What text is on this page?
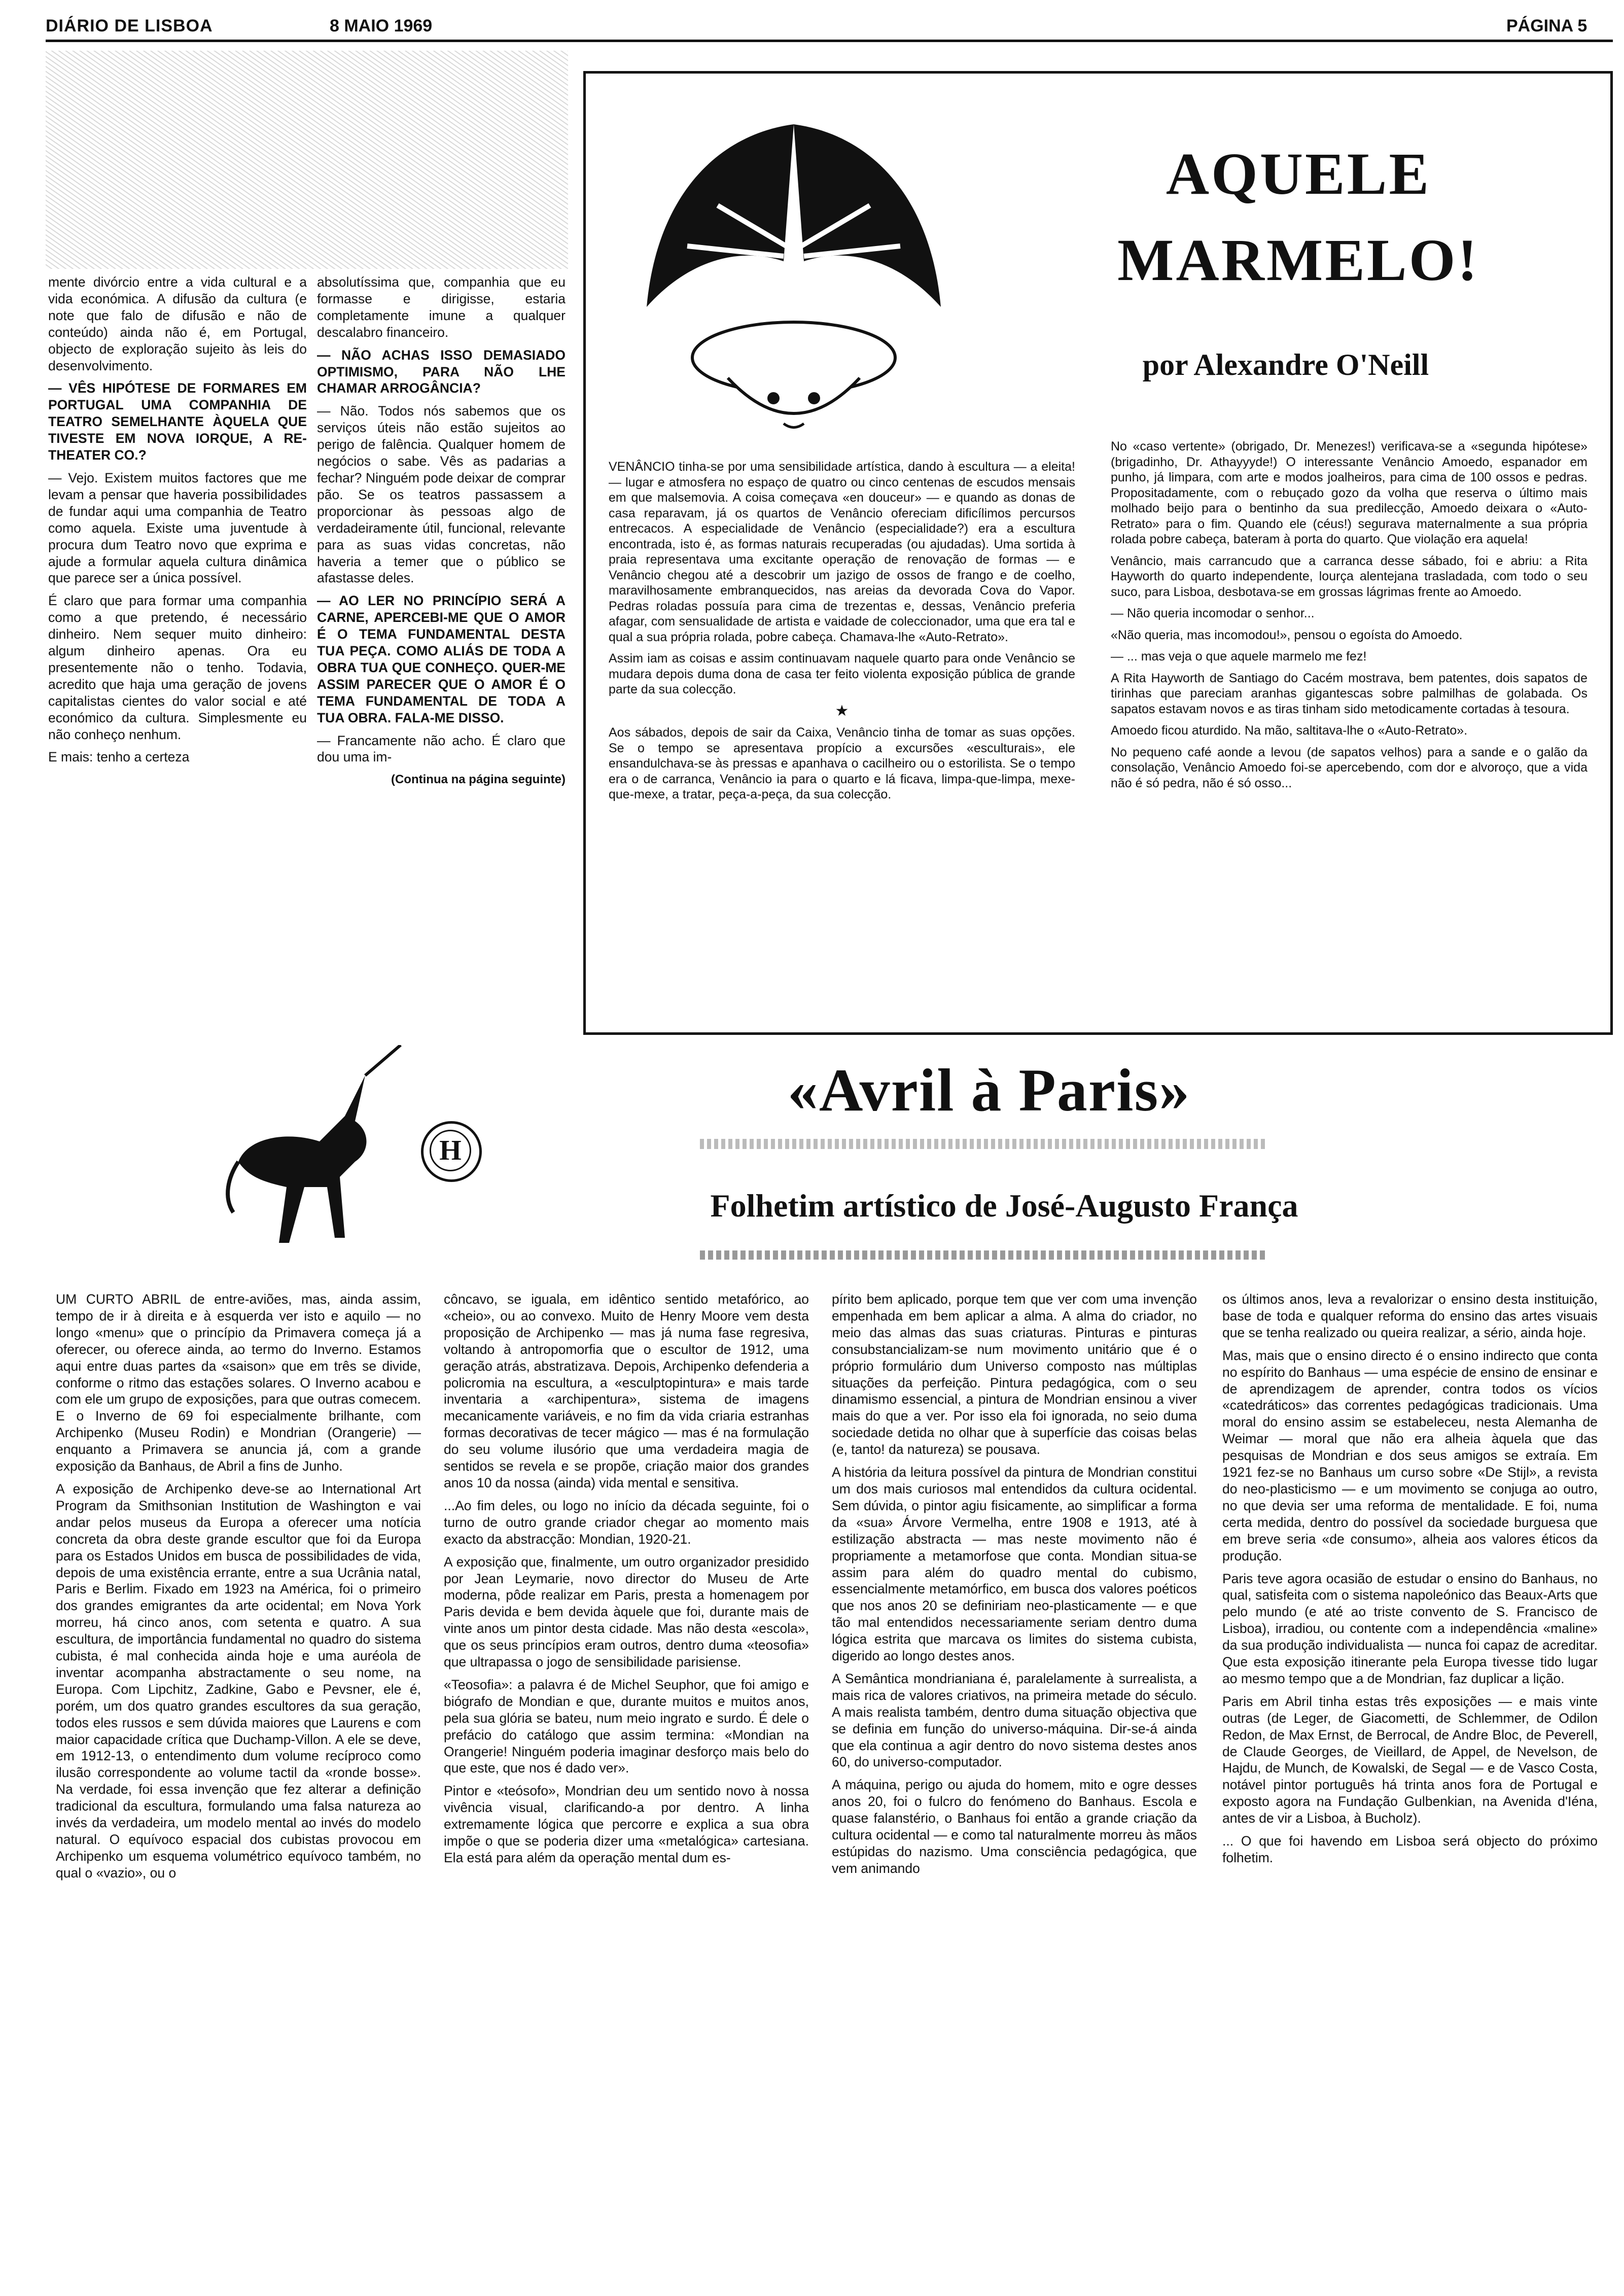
DIÁRIO DE LISBOA	8 MAIO 1969	PÁGINA 5

mente divórcio entre a vida cultural e a vida económica. A difusão da cultura (e note que falo de difusão e não de conteúdo) ainda não é, em Portugal, objecto de exploração sujeito às leis do desenvolvimento.

— VÊS HIPÓTESE DE FORMARES EM PORTUGAL UMA COMPANHIA DE TEATRO SEMELHANTE ÀQUELA QUE TIVESTE EM NOVA IORQUE, A RE-THEATER CO.?

— Vejo. Existem muitos factores que me levam a pensar que haveria possibilidades de fundar aqui uma companhia de Teatro como aquela. Existe uma juventude à procura dum Teatro novo que exprima e ajude a formular aquela cultura dinâmica que parece ser a única possível.

É claro que para formar uma companhia como a que pretendo, é necessário dinheiro. Nem sequer muito dinheiro: algum dinheiro apenas. Ora eu presentemente não o tenho. Todavia, acredito que haja uma geração de jovens capitalistas cientes do valor social e até económico da cultura. Simplesmente eu não conheço nenhum.

E mais: tenho a certeza

absolutíssima que, companhia que eu formasse e dirigisse, estaria completamente imune a qualquer descalabro financeiro.

— NÃO ACHAS ISSO DEMASIADO OPTIMISMO, PARA NÃO LHE CHAMAR ARROGÂNCIA?

— Não. Todos nós sabemos que os serviços úteis não estão sujeitos ao perigo de falência. Qualquer homem de negócios o sabe. Vês as padarias a fechar? Ninguém pode deixar de comprar pão. Se os teatros passassem a proporcionar às pessoas algo de verdadeiramente útil, funcional, relevante para as suas vidas concretas, não haveria a temer que o público se afastasse deles.

— AO LER NO PRINCÍPIO SERÁ A CARNE, APERCEBI-ME QUE O AMOR É O TEMA FUNDAMENTAL DESTA TUA PEÇA. COMO ALIÁS DE TODA A OBRA TUA QUE CONHEÇO. QUER-ME ASSIM PARECER QUE O AMOR É O TEMA FUNDAMENTAL DE TODA A TUA OBRA. FALA-ME DISSO.

— Francamente não acho. É claro que dou uma im-

(Continua na página seguinte)

AQUELE
MARMELO!
por Alexandre O'Neill

VENÂNCIO tinha-se por uma sensibilidade artística, dando à escultura — a eleita! — lugar e atmosfera no espaço de quatro ou cinco centenas de escudos mensais em que malsemovia. A coisa começava «en douceur» — e quando as donas de casa reparavam, já os quartos de Venâncio ofereciam dificílimos percursos entrecacos. A especialidade de Venâncio (especialidade?) era a escultura encontrada, isto é, as formas naturais recuperadas (ou ajudadas). Uma sortida à praia representava uma excitante operação de renovação de formas — e Venâncio chegou até a descobrir um jazigo de ossos de frango e de coelho, maravilhosamente embranquecidos, nas areias da devorada Cova do Vapor. Pedras roladas possuía para cima de trezentas e, dessas, Venâncio preferia afagar, com sensualidade de artista e vaidade de coleccionador, uma que era tal e qual a sua própria rolada, pobre cabeça. Chamava-lhe «Auto-Retrato».

Assim iam as coisas e assim continuavam naquele quarto para onde Venâncio se mudara depois duma dona de casa ter feito violenta exposição pública de grande parte da sua colecção.

★

Aos sábados, depois de sair da Caixa, Venâncio tinha de tomar as suas opções. Se o tempo se apresentava propício a excursões «esculturais», ele ensandulchava-se às pressas e apanhava o cacilheiro ou o estorilista. Se o tempo era o de carranca, Venâncio ia para o quarto e lá ficava, limpa-que-limpa, mexe-que-mexe, a tratar, peça-a-peça, da sua colecção.

No «caso vertente» (obrigado, Dr. Menezes!) verificava-se a «segunda hipótese» (brigadinho, Dr. Athayyyde!) O interessante Venâncio Amoedo, espanador em punho, já limpara, com arte e modos joalheiros, para cima de 100 ossos e pedras. Propositadamente, com o rebuçado gozo da volha que reserva o último mais molhado beijo para o bentinho da sua predilecção, Amoedo deixara o «Auto-Retrato» para o fim. Quando ele (céus!) segurava maternalmente a sua própria rolada pobre cabeça, bateram à porta do quarto. Que violação era aquela!

Venâncio, mais carrancudo que a carranca desse sábado, foi e abriu: a Rita Hayworth do quarto independente, lourça alentejana trasladada, com todo o seu suco, para Lisboa, desbotava-se em grossas lágrimas frente ao Amoedo.

— Não queria incomodar o senhor...

«Não queria, mas incomodou!», pensou o egoísta do Amoedo.

— ... mas veja o que aquele marmelo me fez!

A Rita Hayworth de Santiago do Cacém mostrava, bem patentes, dois sapatos de tirinhas que pareciam aranhas gigantescas sobre palmilhas de golabada. Os sapatos estavam novos e as tiras tinham sido metodicamente cortadas à tesoura.

Amoedo ficou aturdido. Na mão, saltitava-lhe o «Auto-Retrato».

No pequeno café aonde a levou (de sapatos velhos) para a sande e o galão da consolação, Venâncio Amoedo foi-se apercebendo, com dor e alvoroço, que a vida não é só pedra, não é só osso...

H
«Avril à Paris»
Folhetim artístico de José-Augusto França

UM CURTO ABRIL de entre-aviões, mas, ainda assim, tempo de ir à direita e à esquerda ver isto e aquilo — no longo «menu» que o princípio da Primavera começa já a oferecer, ou oferece ainda, ao termo do Inverno. Estamos aqui entre duas partes da «saison» que em três se divide, conforme o ritmo das estações solares. O Inverno acabou e com ele um grupo de exposições, para que outras comecem. E o Inverno de 69 foi especialmente brilhante, com Archipenko (Museu Rodin) e Mondrian (Orangerie) — enquanto a Primavera se anuncia já, com a grande exposição da Banhaus, de Abril a fins de Junho.

A exposição de Archipenko deve-se ao International Art Program da Smithsonian Institution de Washington e vai andar pelos museus da Europa a oferecer uma notícia concreta da obra deste grande escultor que foi da Europa para os Estados Unidos em busca de possibilidades de vida, depois de uma existência errante, entre a sua Ucrânia natal, Paris e Berlim. Fixado em 1923 na América, foi o primeiro dos grandes emigrantes da arte ocidental; em Nova York morreu, há cinco anos, com setenta e quatro. A sua escultura, de importância fundamental no quadro do sistema cubista, é mal conhecida ainda hoje e uma auréola de inventar acompanha abstractamente o seu nome, na Europa. Com Lipchitz, Zadkine, Gabo e Pevsner, ele é, porém, um dos quatro grandes escultores da sua geração, todos eles russos e sem dúvida maiores que Laurens e com maior capacidade crítica que Duchamp-Villon. A ele se deve, em 1912-13, o entendimento dum volume recíproco como ilusão correspondente ao volume tactil da «ronde bosse». Na verdade, foi essa invenção que fez alterar a definição tradicional da escultura, formulando uma falsa natureza ao invés da verdadeira, um modelo mental ao invés do modelo natural. O equívoco espacial dos cubistas provocou em Archipenko um esquema volumétrico equívoco também, no qual o «vazio», ou o

côncavo, se iguala, em idêntico sentido metafórico, ao «cheio», ou ao convexo. Muito de Henry Moore vem desta proposição de Archipenko — mas já numa fase regresiva, voltando à antropomorfia que o escultor de 1912, uma geração atrás, abstratizava. Depois, Archipenko defenderia a policromia na escultura, a «esculptopintura» e mais tarde inventaria a «archipentura», sistema de imagens mecanicamente variáveis, e no fim da vida criaria estranhas formas decorativas de tecer mágico — mas é na formulação do seu volume ilusório que uma verdadeira magia de sentidos se revela e se propõe, criação maior dos grandes anos 10 da nossa (ainda) vida mental e sensitiva.

...Ao fim deles, ou logo no início da década seguinte, foi o turno de outro grande criador chegar ao momento mais exacto da abstracção: Mondian, 1920-21.

A exposição que, finalmente, um outro organizador presidido por Jean Leymarie, novo director do Museu de Arte moderna, pôde realizar em Paris, presta a homenagem por Paris devida e bem devida àquele que foi, durante mais de vinte anos um pintor desta cidade. Mas não desta «escola», que os seus princípios eram outros, dentro duma «teosofia» que ultrapassa o jogo de sensibilidade parisiense.

«Teosofia»: a palavra é de Michel Seuphor, que foi amigo e biógrafo de Mondian e que, durante muitos e muitos anos, pela sua glória se bateu, num meio ingrato e surdo. É dele o prefácio do catálogo que assim termina: «Mondian na Orangerie! Ninguém poderia imaginar desforço mais belo do que este, que nos é dado ver».

Pintor e «teósofo», Mondrian deu um sentido novo à nossa vivência visual, clarificando-a por dentro. A linha extremamente lógica que percorre e explica a sua obra impõe o que se poderia dizer uma «metalógica» cartesiana. Ela está para além da operação mental dum es-

pírito bem aplicado, porque tem que ver com uma invenção empenhada em bem aplicar a alma. A alma do criador, no meio das almas das suas criaturas. Pinturas e pinturas consubstancializam-se num movimento unitário que é o próprio formulário dum Universo composto nas múltiplas situações da perfeição. Pintura pedagógica, com o seu dinamismo essencial, a pintura de Mondrian ensinou a viver mais do que a ver. Por isso ela foi ignorada, no seio duma sociedade detida no olhar que à superfície das coisas belas (e, tanto! da natureza) se pousava.

A história da leitura possível da pintura de Mondrian constitui um dos mais curiosos mal entendidos da cultura ocidental. Sem dúvida, o pintor agiu fisicamente, ao simplificar a forma da «sua» Árvore Vermelha, entre 1908 e 1913, até à estilização abstracta — mas neste movimento não é propriamente a metamorfose que conta. Mondian situa-se assim para além do quadro mental do cubismo, essencialmente metamórfico, em busca dos valores poéticos que nos anos 20 se definiriam neo-plasticamente — e que tão mal entendidos necessariamente seriam dentro duma lógica estrita que marcava os limites do sistema cubista, digerido ao longo destes anos.

A Semântica mondrianiana é, paralelamente à surrealista, a mais rica de valores criativos, na primeira metade do século. A mais realista também, dentro duma situação objectiva que se definia em função do universo-máquina. Dir-se-á ainda que ela continua a agir dentro do novo sistema destes anos 60, do universo-computador.

A máquina, perigo ou ajuda do homem, mito e ogre desses anos 20, foi o fulcro do fenómeno do Banhaus. Escola e quase falanstério, o Banhaus foi então a grande criação da cultura ocidental — e como tal naturalmente morreu às mãos estúpidas do nazismo. Uma consciência pedagógica, que vem animando

os últimos anos, leva a revalorizar o ensino desta instituição, base de toda e qualquer reforma do ensino das artes visuais que se tenha realizado ou queira realizar, a sério, ainda hoje.

Mas, mais que o ensino directo é o ensino indirecto que conta no espírito do Banhaus — uma espécie de ensino de ensinar e de aprendizagem de aprender, contra todos os vícios «catedráticos» das correntes pedagógicas tradicionais. Uma moral do ensino assim se estabeleceu, nesta Alemanha de Weimar — moral que não era alheia àquela que das pesquisas de Mondrian e dos seus amigos se extraía. Em 1921 fez-se no Banhaus um curso sobre «De Stijl», a revista do neo-plasticismo — e um movimento se conjuga ao outro, no que devia ser uma reforma de mentalidade. E foi, numa certa medida, dentro do possível da sociedade burguesa que em breve seria «de consumo», alheia aos valores éticos da produção.

Paris teve agora ocasião de estudar o ensino do Banhaus, no qual, satisfeita com o sistema napoleónico das Beaux-Arts que pelo mundo (e até ao triste convento de S. Francisco de Lisboa), irradiou, ou contente com a independência «maline» da sua produção individualista — nunca foi capaz de acreditar. Que esta exposição itinerante pela Europa tivesse tido lugar ao mesmo tempo que a de Mondrian, faz duplicar a lição.

Paris em Abril tinha estas três exposições — e mais vinte outras (de Leger, de Giacometti, de Schlemmer, de Odilon Redon, de Max Ernst, de Berrocal, de Andre Bloc, de Peverell, de Claude Georges, de Vieillard, de Appel, de Nevelson, de Hajdu, de Munch, de Kowalski, de Segal — e de Vasco Costa, notável pintor português há trinta anos fora de Portugal e exposto agora na Fundação Gulbenkian, na Avenida d'Iéna, antes de vir a Lisboa, à Bucholz).

... O que foi havendo em Lisboa será objecto do próximo folhetim.
